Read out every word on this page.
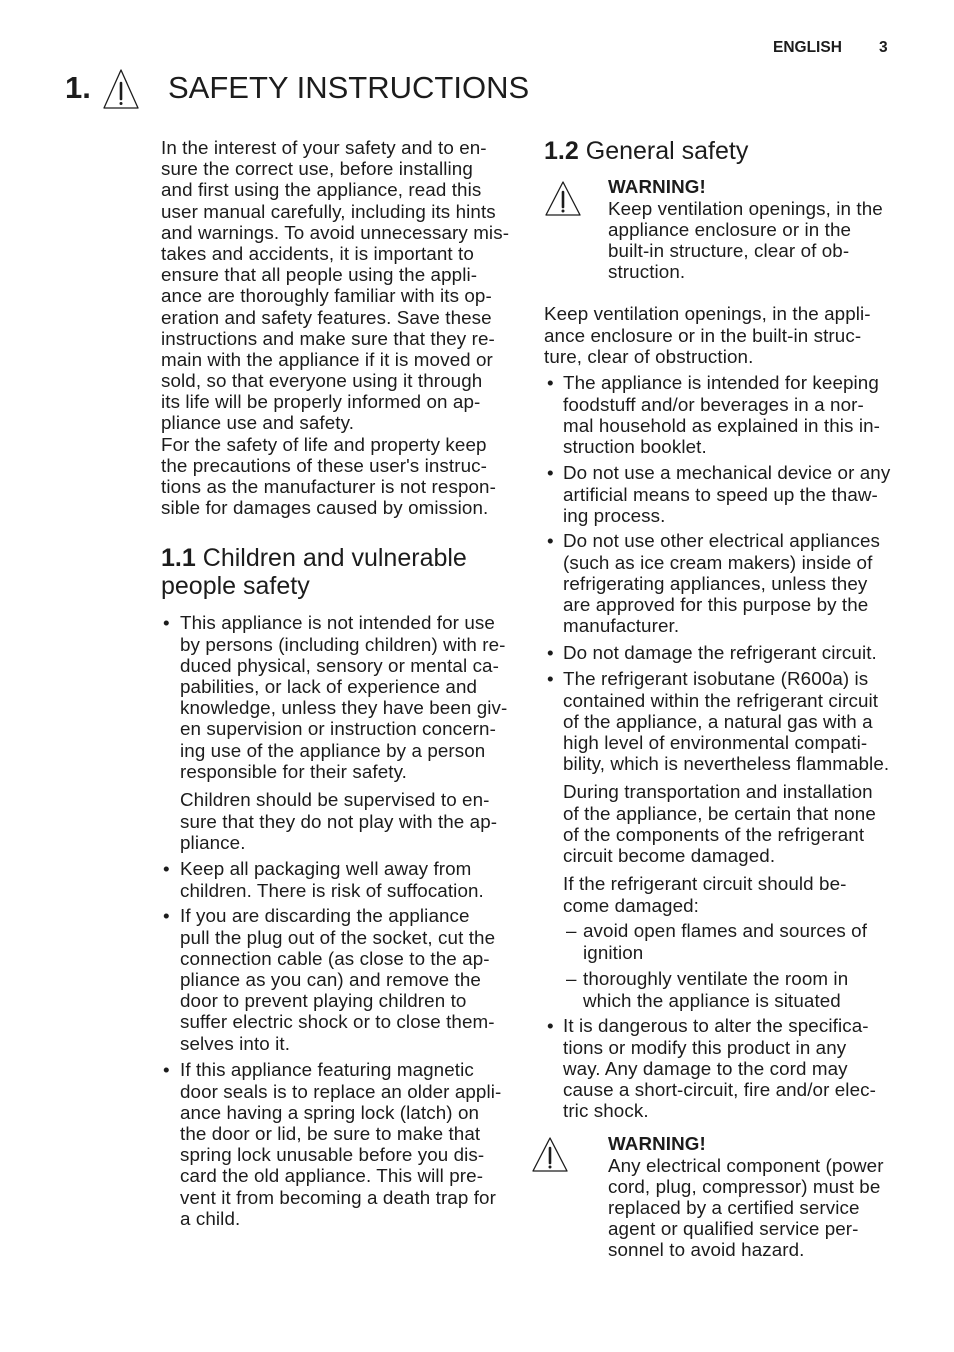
ENGLISH 3
1. SAFETY INSTRUCTIONS
In the interest of your safety and to en-
sure the correct use, before installing
and first using the appliance, read this
user manual carefully, including its hints
and warnings. To avoid unnecessary mis-
takes and accidents, it is important to
ensure that all people using the appli-
ance are thoroughly familiar with its op-
eration and safety features. Save these
instructions and make sure that they re-
main with the appliance if it is moved or
sold, so that everyone using it through
its life will be properly informed on ap-
pliance use and safety.
For the safety of life and property keep
the precautions of these user's instruc-
tions as the manufacturer is not respon-
sible for damages caused by omission.
1.1 Children and vulnerable
people safety
• This appliance is not intended for use
by persons (including children) with re-
duced physical, sensory or mental ca-
pabilities, or lack of experience and
knowledge, unless they have been giv-
en supervision or instruction concern-
ing use of the appliance by a person
responsible for their safety.
Children should be supervised to en-
sure that they do not play with the ap-
pliance.
• Keep all packaging well away from
children. There is risk of suffocation.
• If you are discarding the appliance
pull the plug out of the socket, cut the
connection cable (as close to the ap-
pliance as you can) and remove the
door to prevent playing children to
suffer electric shock or to close them-
selves into it.
• If this appliance featuring magnetic
door seals is to replace an older appli-
ance having a spring lock (latch) on
the door or lid, be sure to make that
spring lock unusable before you dis-
card the old appliance. This will pre-
vent it from becoming a death trap for
a child.
1.2 General safety
WARNING!
Keep ventilation openings, in the
appliance enclosure or in the
built-in structure, clear of ob-
struction.
Keep ventilation openings, in the appli-
ance enclosure or in the built-in struc-
ture, clear of obstruction.
• The appliance is intended for keeping
foodstuff and/or beverages in a nor-
mal household as explained in this in-
struction booklet.
• Do not use a mechanical device or any
artificial means to speed up the thaw-
ing process.
• Do not use other electrical appliances
(such as ice cream makers) inside of
refrigerating appliances, unless they
are approved for this purpose by the
manufacturer.
• Do not damage the refrigerant circuit.
• The refrigerant isobutane (R600a) is
contained within the refrigerant circuit
of the appliance, a natural gas with a
high level of environmental compati-
bility, which is nevertheless flammable.
During transportation and installation
of the appliance, be certain that none
of the components of the refrigerant
circuit become damaged.
If the refrigerant circuit should be-
come damaged:
– avoid open flames and sources of
ignition
– thoroughly ventilate the room in
which the appliance is situated
• It is dangerous to alter the specifica-
tions or modify this product in any
way. Any damage to the cord may
cause a short-circuit, fire and/or elec-
tric shock.
WARNING!
Any electrical component (power
cord, plug, compressor) must be
replaced by a certified service
agent or qualified service per-
sonnel to avoid hazard.
